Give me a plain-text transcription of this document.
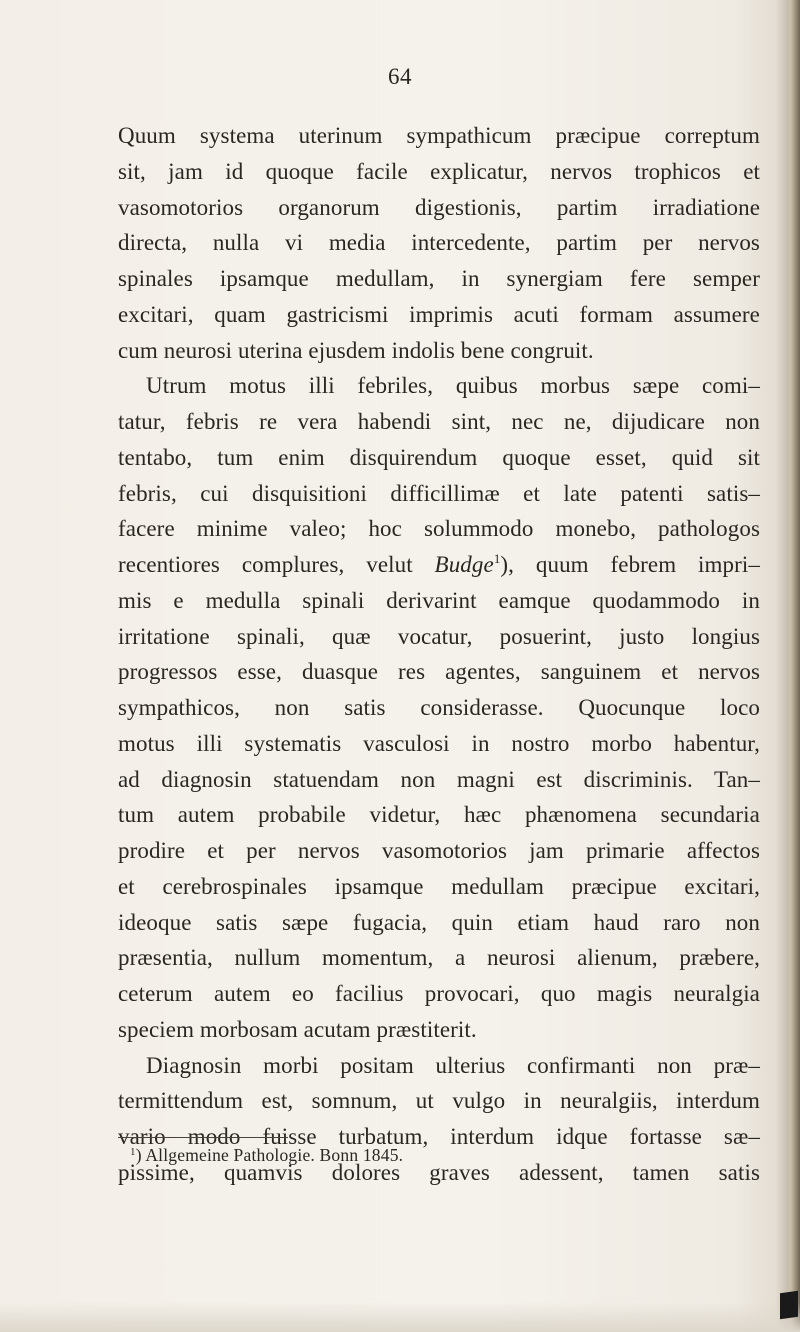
64
Quum systema uterinum sympathicum præcipue correptum
sit, jam id quoque facile explicatur, nervos trophicos et
vasomotorios organorum digestionis, partim irradiatione
directa, nulla vi media intercedente, partim per nervos
spinales ipsamque medullam, in synergiam fere semper
excitari, quam gastricismi imprimis acuti formam assumere
cum neurosi uterina ejusdem indolis bene congruit.
Utrum motus illi febriles, quibus morbus sæpe comi–
tatur, febris re vera habendi sint, nec ne, dijudicare non
tentabo, tum enim disquirendum quoque esset, quid sit
febris, cui disquisitioni difficillimæ et late patenti satis–
facere minime valeo; hoc solummodo monebo, pathologos
recentiores complures, velut Budge$^1$), quum febrem impri–
mis e medulla spinali derivarint eamque quodammodo in
irritatione spinali, quæ vocatur, posuerint, justo longius
progressos esse, duasque res agentes, sanguinem et nervos
sympathicos, non satis considerasse. Quocunque loco
motus illi systematis vasculosi in nostro morbo habentur,
ad diagnosin statuendam non magni est discriminis. Tan–
tum autem probabile videtur, hæc phænomena secundaria
prodire et per nervos vasomotorios jam primarie affectos
et cerebrospinales ipsamque medullam præcipue excitari,
ideoque satis sæpe fugacia, quin etiam haud raro non
præsentia, nullum momentum, a neurosi alienum, præbere,
ceterum autem eo facilius provocari, quo magis neuralgia
speciem morbosam acutam præstiterit.
Diagnosin morbi positam ulterius confirmanti non præ–
termittendum est, somnum, ut vulgo in neuralgiis, interdum
vario modo fuisse turbatum, interdum idque fortasse sæ–
pissime, quamvis dolores graves adessent, tamen satis
$^1$) Allgemeine Pathologie. Bonn 1845.
